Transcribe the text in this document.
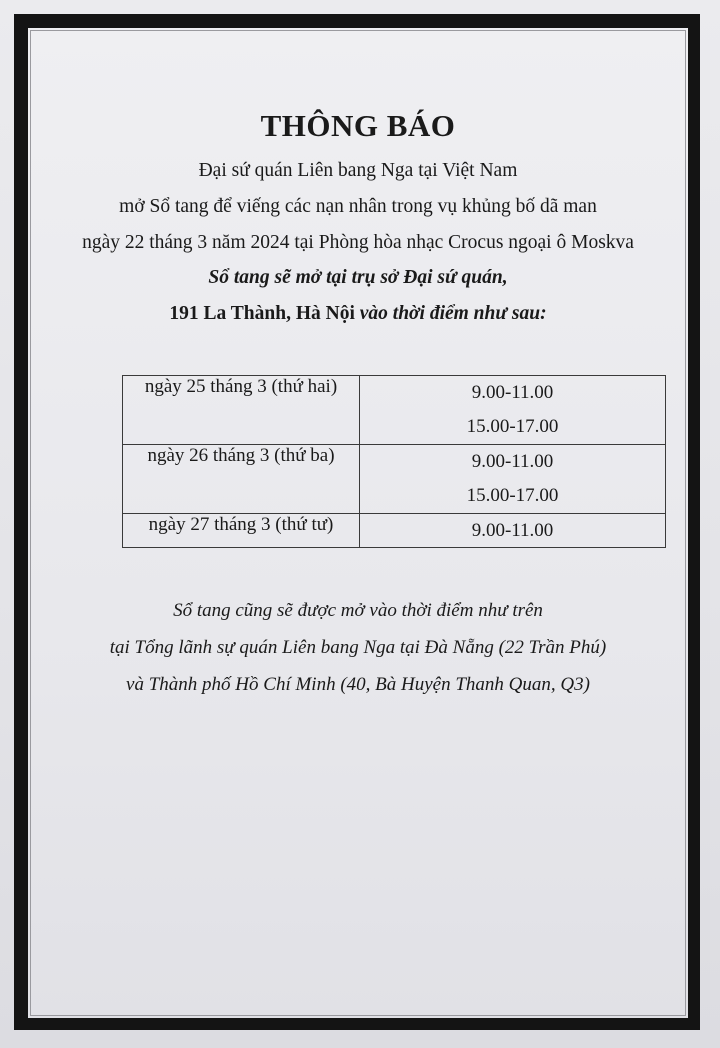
THÔNG BÁO
Đại sứ quán Liên bang Nga tại Việt Nam
mở Sổ tang để viếng các nạn nhân trong vụ khủng bố dã man
ngày 22 tháng 3 năm 2024 tại Phòng hòa nhạc Crocus ngoại ô Moskva
Sổ tang sẽ mở tại trụ sở Đại sứ quán,
191 La Thành, Hà Nội vào thời điểm như sau:
ngày 25 tháng 3 (thứ hai)	9.00-11.00
15.00-17.00

ngày 26 tháng 3 (thứ ba)	9.00-11.00
15.00-17.00

ngày 27 tháng 3 (thứ tư)	9.00-11.00
Sổ tang cũng sẽ được mở vào thời điểm như trên
tại Tổng lãnh sự quán Liên bang Nga tại Đà Nẵng (22 Trần Phú)
và Thành phố Hồ Chí Minh (40, Bà Huyện Thanh Quan, Q3)
